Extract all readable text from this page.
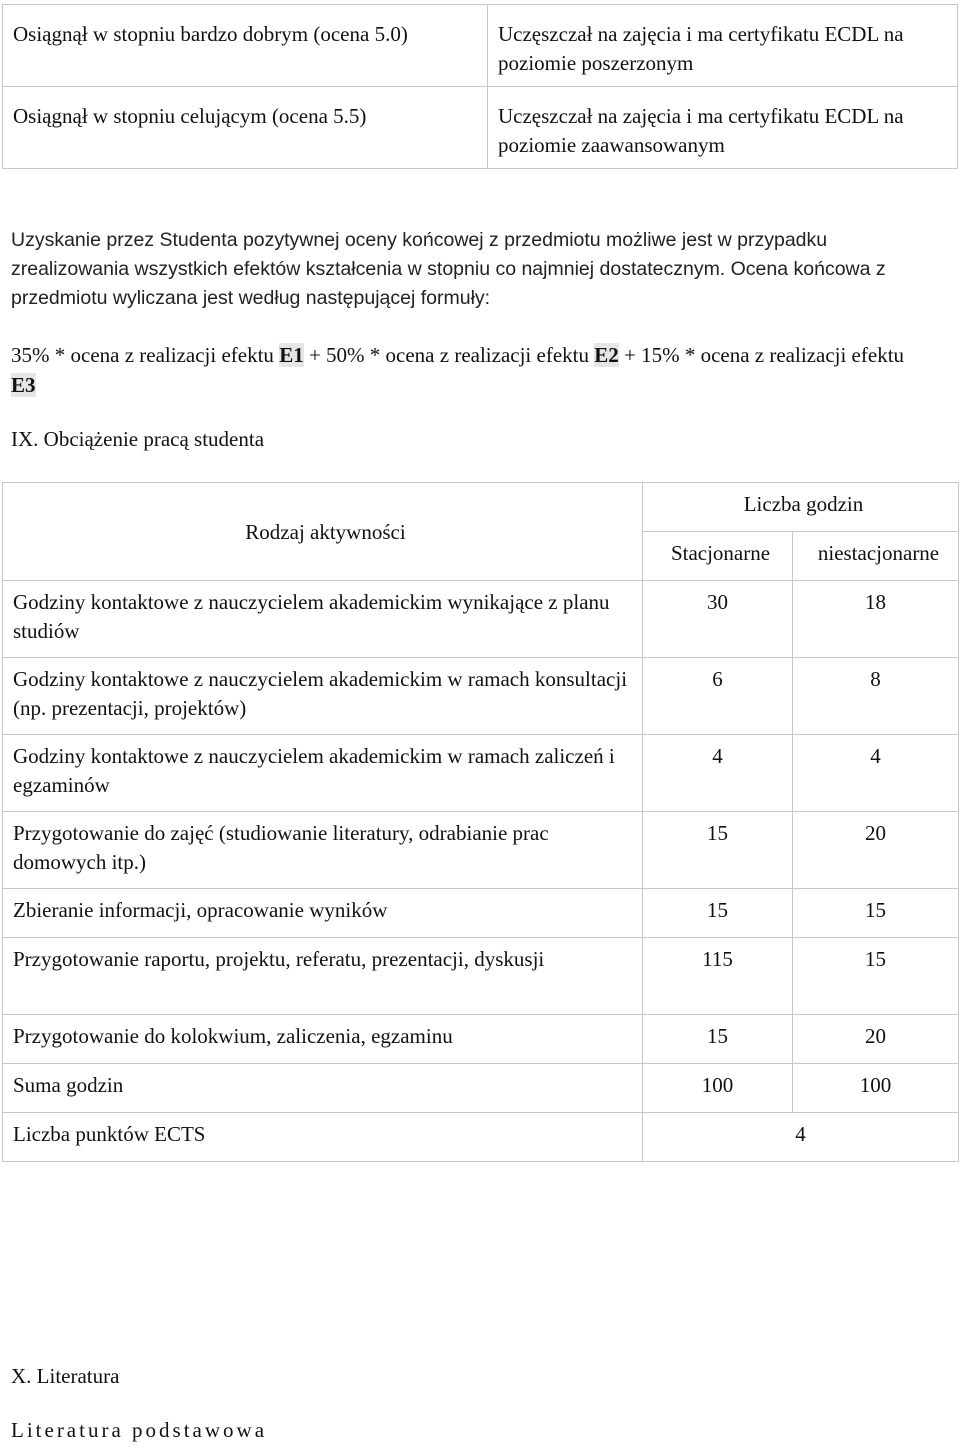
Osiągnął w stopniu bardzo dobrym (ocena 5.0)	Uczęszczał na zajęcia i ma certyfikatu ECDL na poziomie poszerzonym
Osiągnął w stopniu celującym (ocena 5.5)	Uczęszczał na zajęcia i ma certyfikatu ECDL na poziomie zaawansowanym
Uzyskanie przez Studenta pozytywnej oceny końcowej z przedmiotu możliwe jest w przypadku zrealizowania wszystkich efektów kształcenia w stopniu co najmniej dostatecznym. Ocena końcowa z przedmiotu wyliczana jest według następującej formuły:
35% * ocena z realizacji efektu E1 + 50% * ocena z realizacji efektu E2 + 15% * ocena z realizacji efektu E3
IX. Obciążenie pracą studenta
Rodzaj aktywności	Liczba godzin	
	Stacjonarne	niestacjonarne
Godziny kontaktowe z nauczycielem akademickim wynikające z planu studiów	30	18
Godziny kontaktowe z nauczycielem akademickim w ramach konsultacji (np. prezentacji, projektów)	6	8
Godziny kontaktowe z nauczycielem akademickim w ramach zaliczeń i egzaminów	4	4
Przygotowanie do zajęć (studiowanie literatury, odrabianie prac domowych itp.)	15	20
Zbieranie informacji, opracowanie wyników	15	15
Przygotowanie raportu, projektu, referatu, prezentacji, dyskusji	115	15
Przygotowanie do kolokwium, zaliczenia, egzaminu	15	20
Suma godzin	100	100
Liczba punktów ECTS	4	
X. Literatura
Literatura podstawowa
